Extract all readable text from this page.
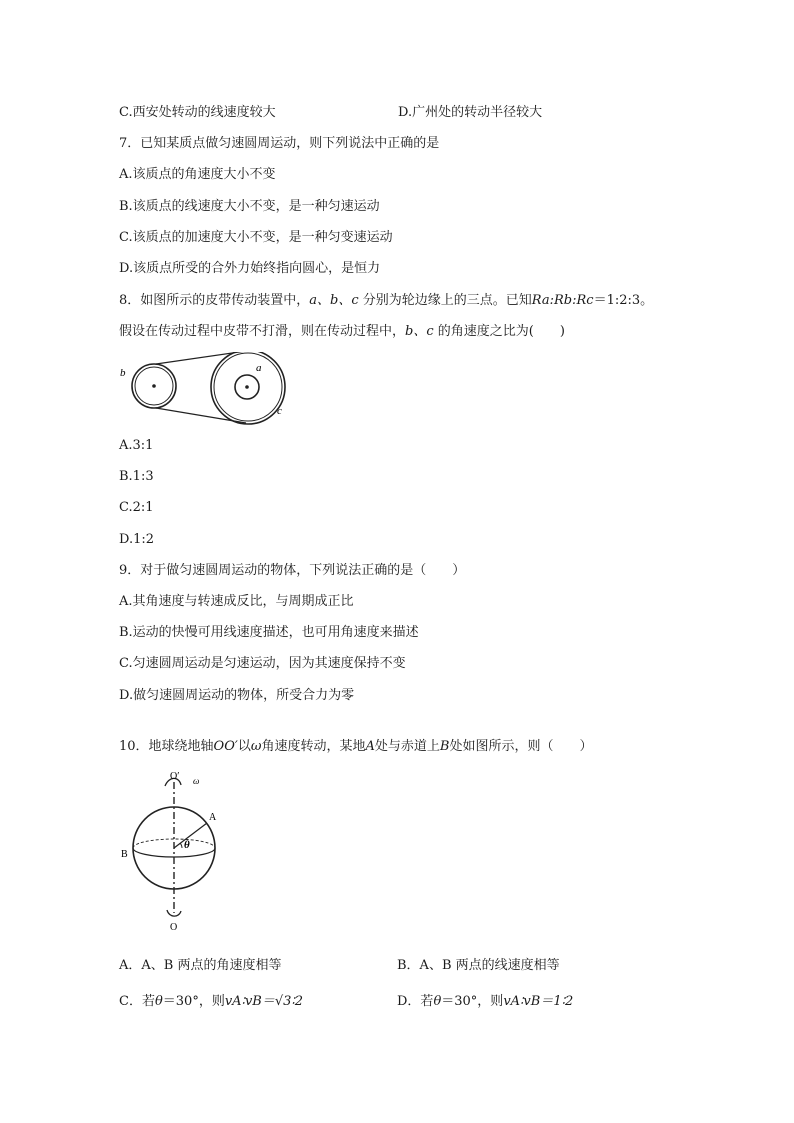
C.西安处转动的线速度较大	D.广州处的转动半径较大
7．已知某质点做匀速圆周运动，则下列说法中正确的是
A.该质点的角速度大小不变
B.该质点的线速度大小不变，是一种匀速运动
C.该质点的加速度大小不变，是一种匀变速运动
D.该质点所受的合外力始终指向圆心，是恒力
8．如图所示的皮带传动装置中，a、b、c 分别为轮边缘上的三点。已知Ra:Rb:Rc＝1:2:3。
假设在传动过程中皮带不打滑，则在传动过程中，b、c 的角速度之比为(　　)
b	a
c
A.3:1
B.1:3
C.2:1
D.1:2
9．对于做匀速圆周运动的物体，下列说法正确的是（　　）
A.其角速度与转速成反比，与周期成正比
B.运动的快慢可用线速度描述，也可用角速度来描述
C.匀速圆周运动是匀速运动，因为其速度保持不变
D.做匀速圆周运动的物体，所受合力为零
10．地球绕地轴OO′以ω角速度转动，某地A处与赤道上B处如图所示，则（　　）
O′ ω
A
B
θ
O
A．A、B 两点的角速度相等	B．A、B 两点的线速度相等
C．若θ＝30°，则vA∶vB＝√3∶2	D．若θ＝30°，则vA∶vB＝1∶2
